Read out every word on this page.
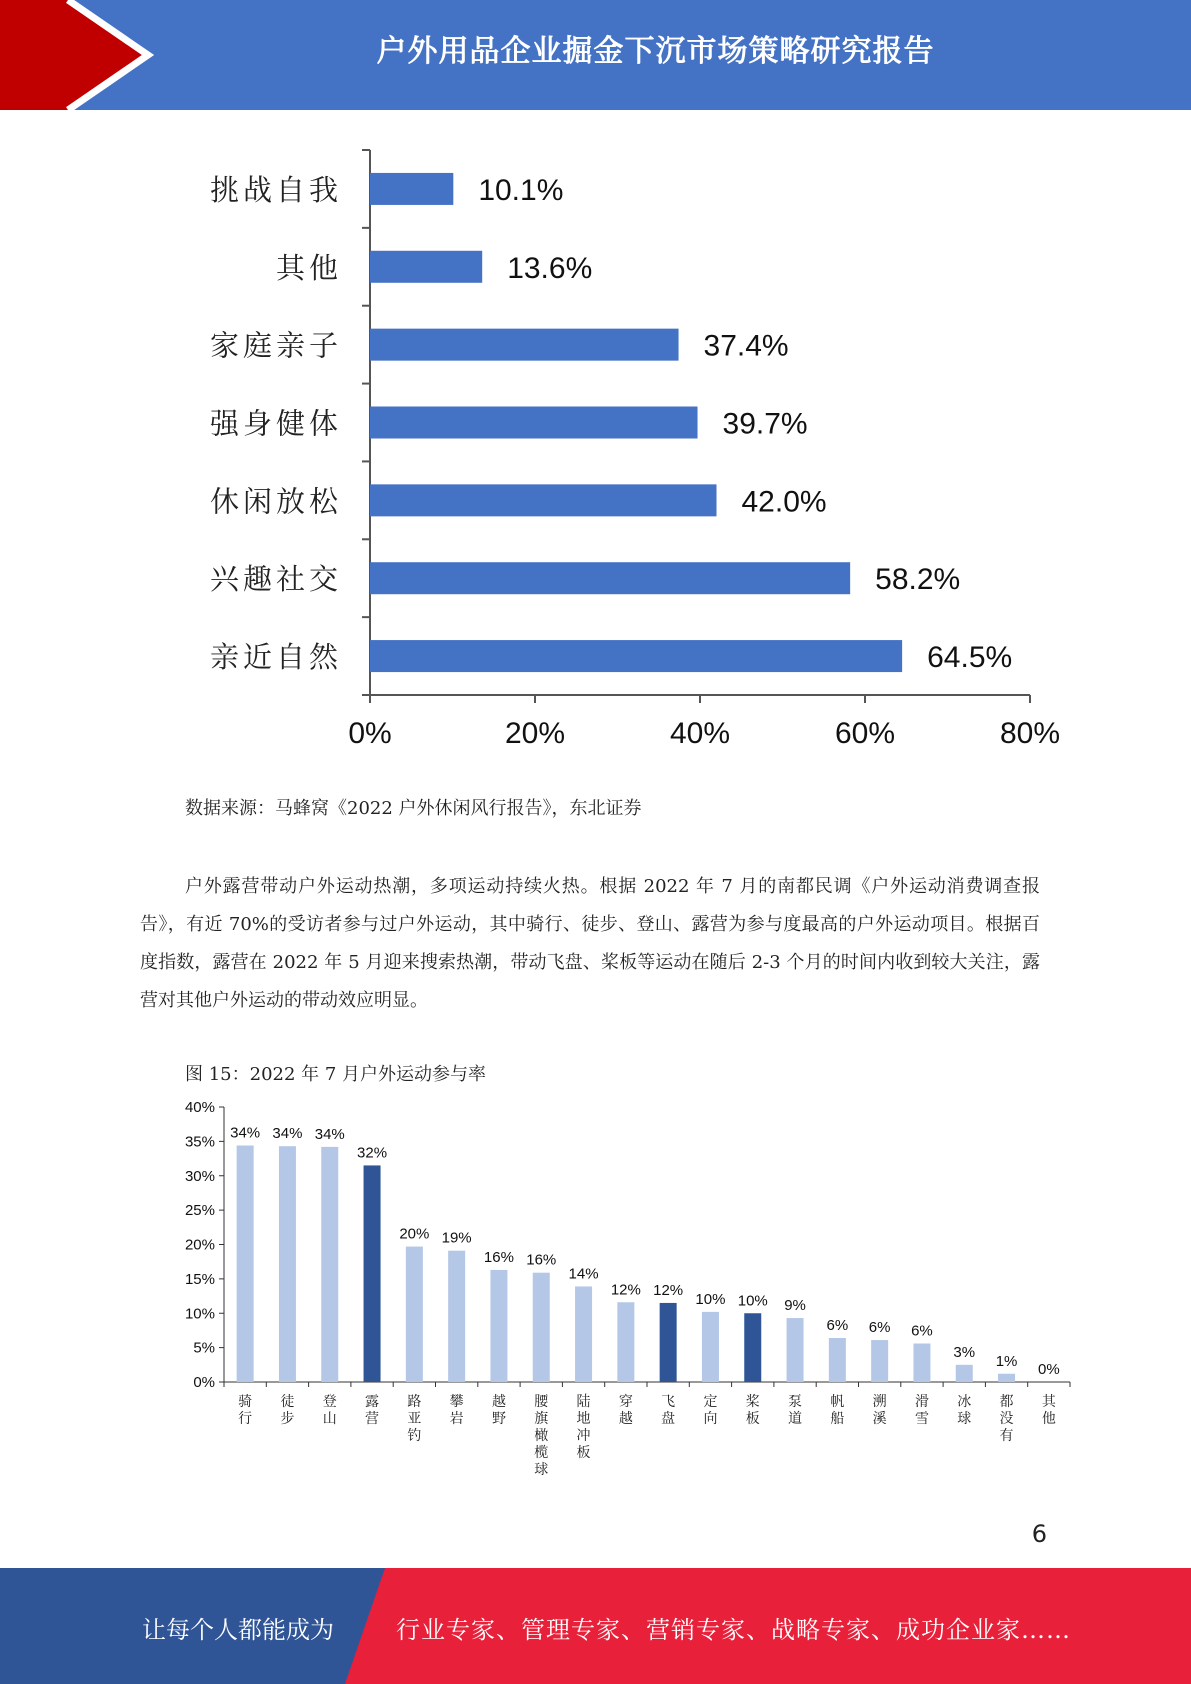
户外用品企业掘金下沉市场策略研究报告
0%	20%	40%	60%	80%
10.1%
挑战自我
13.6%
其他
37.4%
家庭亲子
39.7%
强身健体
42.0%
休闲放松
58.2%
兴趣社交
64.5%
亲近自然
数据来源：马蜂窝《2022 户外休闲风行报告》，东北证券

户外露营带动户外运动热潮，多项运动持续火热。根据 2022 年 7 月的南都民调《户外运动消费调查报告》，有近 70%的受访者参与过户外运动，其中骑行、徒步、登山、露营为参与度最高的户外运动项目。根据百度指数，露营在 2022 年 5 月迎来搜索热潮，带动飞盘、桨板等运动在随后 2-3 个月的时间内收到较大关注，露营对其他户外运动的带动效应明显。

图 15：2022 年 7 月户外运动参与率
0%
5%
10%
15%
20%
25%
30%
35%
40%
34%
骑行
34%
徒步
34%
登山
32%
露营
20%
路亚钓
19%
攀岩
16%
越野
16%
腰旗橄榄球
14%
陆地冲板
12%
穿越
12%
飞盘
10%
定向
10%
桨板
9%
泵道
6%
帆船
6%
溯溪
6%
滑雪
3%
冰球
1%
都没有
0%
其他
6
让每个人都能成为	行业专家、管理专家、营销专家、战略专家、成功企业家……
